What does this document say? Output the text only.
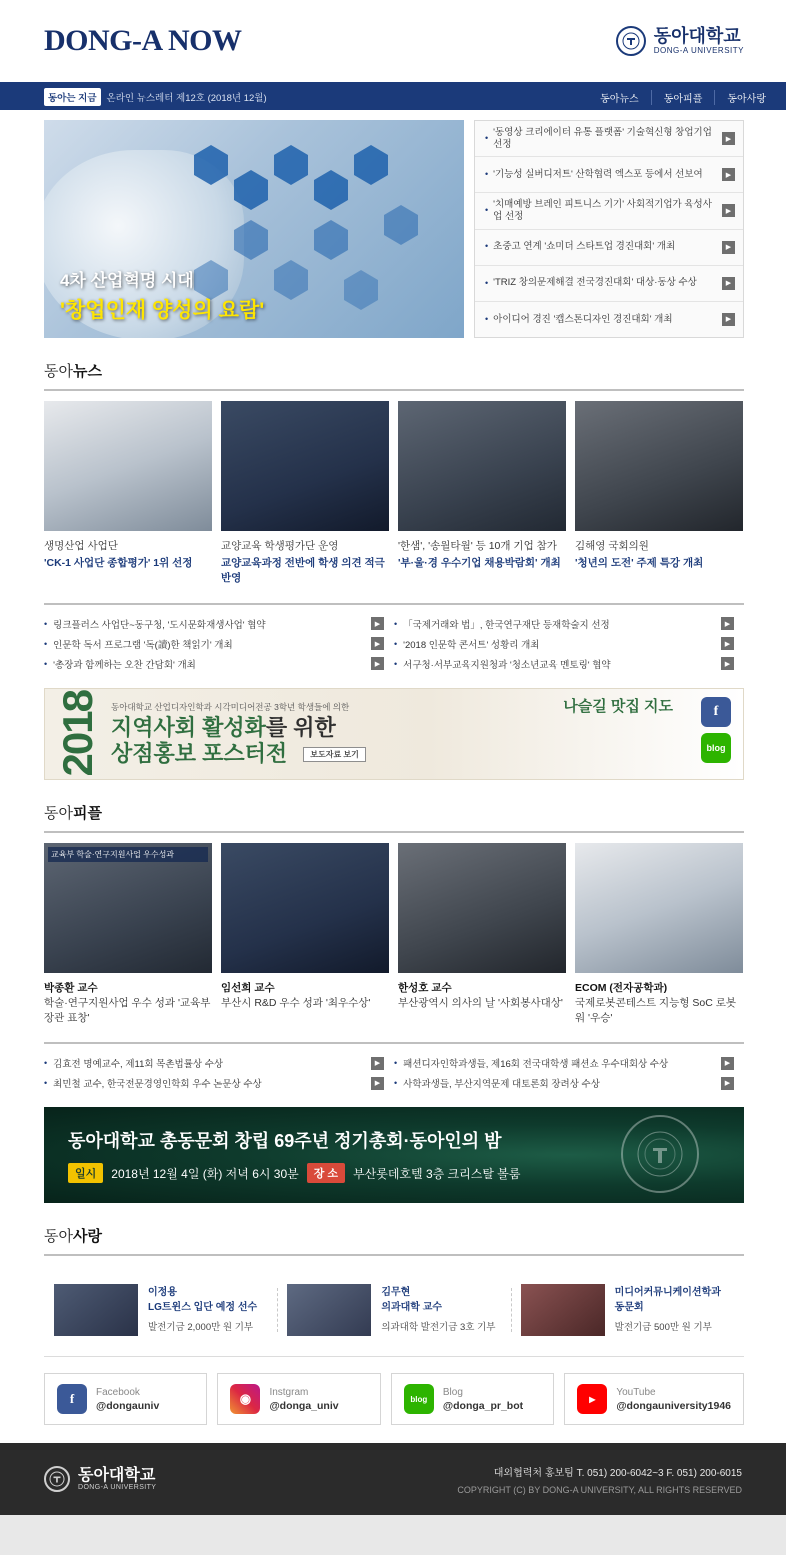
DONG-A NOW	동아대학교
DONG-A UNIVERSITY
동아는 지금	온라인 뉴스레터 제12호 (2018년 12월)	동아뉴스	동아피플	동아사랑
4차 산업혁명 시대
'창업인재 양성의 요람'
•
'동영상 크리에이터 유통 플랫폼' 기술혁신형 창업기업 선정	▶
• '기능성 실버디저트' 산학협력 엑스포 등에서 선보여	▶
•
'치매예방 브레인 피트니스 기기' 사회적기업가 육성사업 선정	▶
• 초중고 연계 '쇼미더 스타트업 경진대회' 개최	▶
• 'TRIZ 창의문제해결 전국경진대회' 대상·동상 수상	▶
• 아이디어 경진 '캡스톤디자인 경진대회' 개최	▶
동아뉴스
생명산업 사업단
'CK-1 사업단 종합평가' 1위 선정
교양교육 학생평가단 운영
교양교육과정 전반에 학생 의견 적극 반영
'한샘', '송월타월' 등 10개 기업 참가
'부·울·경 우수기업 채용박람회' 개최
김해영 국회의원
'청년의 도전' 주제 특강 개최
• 링크플러스 사업단~동구청, '도시문화재생사업' 협약	▶
• 인문학 독서 프로그램 '독(讀)한 책읽기' 개최	▶
• '총장과 함께하는 오찬 간담회' 개최	▶
• 「국제거래와 법」, 한국연구재단 등재학술지 선정	▶
• '2018 인문학 콘서트' 성황리 개최	▶
• 서구청·서부교육지원청과 '청소년교육 멘토링' 협약	▶
2018 동아대학교 산업디자인학과 시각미디어전공 3학년 학생들에 의한
지역사회 활성화를 위한
상점홍보 포스터전	보도자료 보기
나슬길 맛집 지도	f
blog
동아피플
교육부 학술·연구지원사업 우수성과
박종환 교수
학술·연구지원사업 우수 성과 '교육부장관 표창'
임선희 교수
부산시 R&D 우수 성과 '최우수상'
한성호 교수
부산광역시 의사의 날 '사회봉사대상'
ECOM (전자공학과)
국제로봇콘테스트 지능형 SoC 로봇워 '우승'
• 김효전 명예교수, 제11회 목촌법률상 수상	▶
• 최민철 교수, 한국전문경영인학회 우수 논문상 수상	▶
• 패션디자인학과생들, 제16회 전국대학생 패션쇼 우수대회상 수상	▶
• 사학과생들, 부산지역문제 대토론회 장려상 수상	▶
동아대학교 총동문회 창립 69주년 정기총회·동아인의 밤
일시	2018년 12월 4일 (화) 저녁 6시 30분	장 소	부산롯데호텔 3층 크리스탈 볼룸
동아사랑
이정용
LG트윈스 입단 예정 선수
발전기금 2,000만 원 기부
김무현
의과대학 교수
의과대학 발전기금 3호 기부
미디어커뮤니케이션학과
동문회
발전기금 500만 원 기부
f	Facebook
@dongauniv	◉	Instgram
@donga_univ
blog
Blog
@donga_pr_bot
▶
YouTube
@dongauniversity1946
동아대학교
DONG-A UNIVERSITY
대외협력처 홍보팀 T. 051) 200-6042~3 F. 051) 200-6015
COPYRIGHT (C) BY DONG-A UNIVERSITY, ALL RIGHTS RESERVED
